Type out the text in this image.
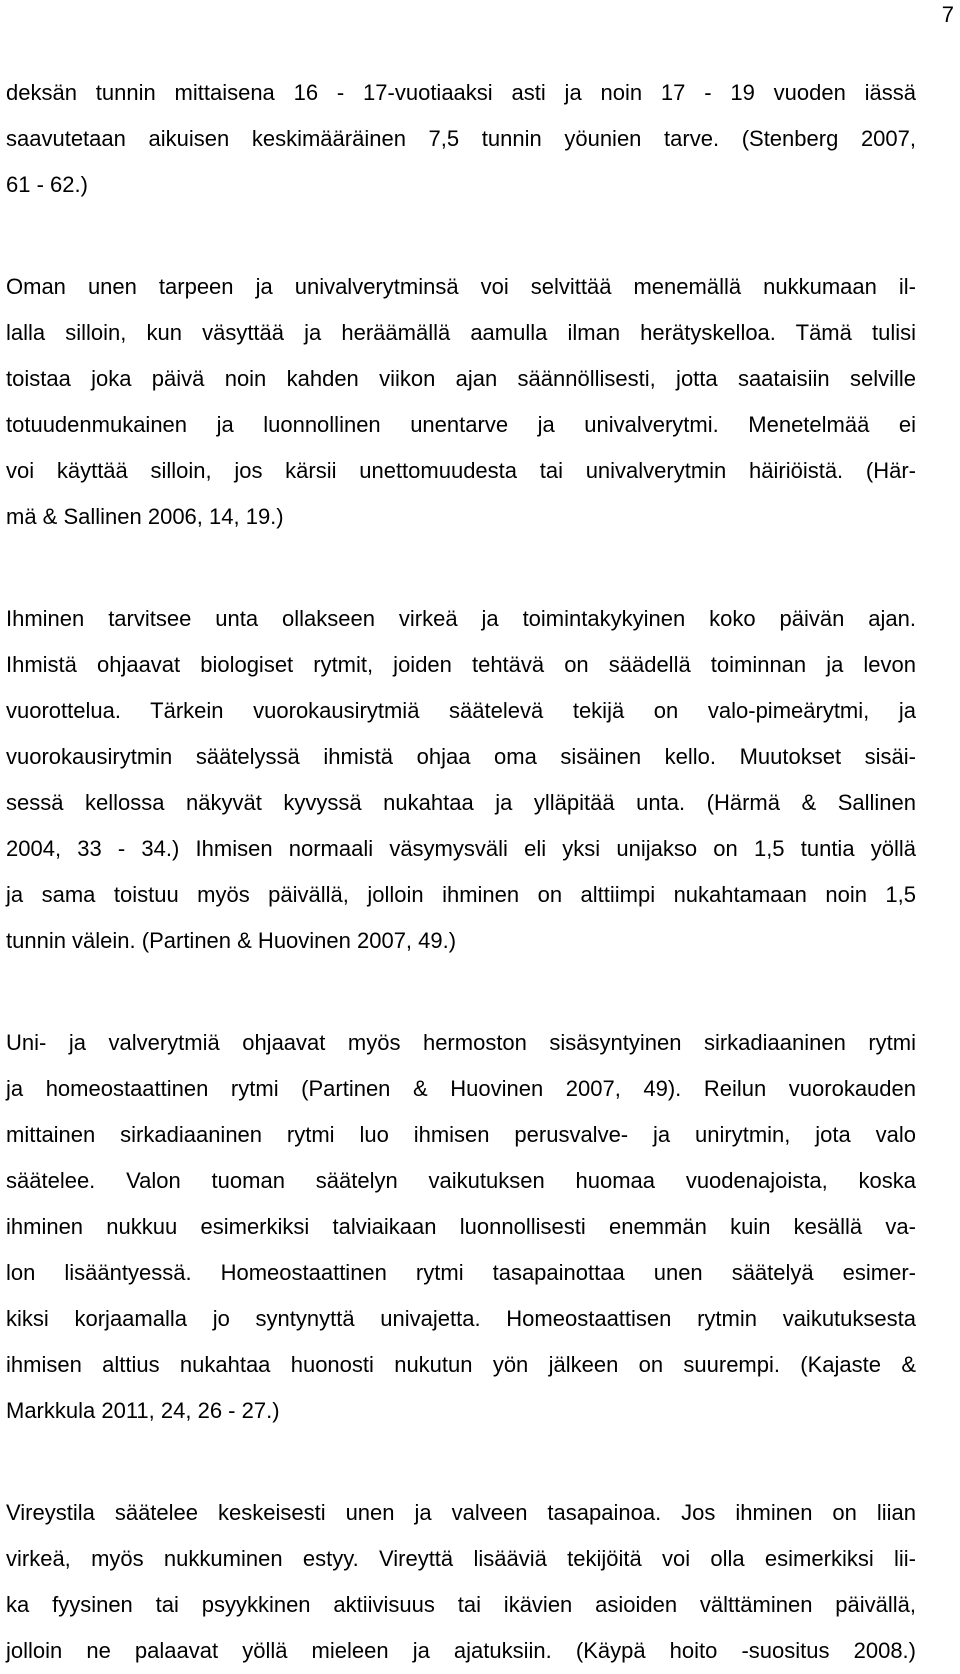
7

deksän tunnin mittaisena 16 - 17-vuotiaaksi asti ja noin 17 - 19 vuoden iässä
saavutetaan aikuisen keskimääräinen 7,5 tunnin yöunien tarve. (Stenberg 2007,
61 - 62.)

Oman unen tarpeen ja univalverytminsä voi selvittää menemällä nukkumaan il-
lalla silloin, kun väsyttää ja heräämällä aamulla ilman herätyskelloa. Tämä tulisi
toistaa joka päivä noin kahden viikon ajan säännöllisesti, jotta saataisiin selville
totuudenmukainen ja luonnollinen unentarve ja univalverytmi. Menetelmää ei
voi käyttää silloin, jos kärsii unettomuudesta tai univalverytmin häiriöistä. (Här-
mä & Sallinen 2006, 14, 19.)

Ihminen tarvitsee unta ollakseen virkeä ja toimintakykyinen koko päivän ajan.
Ihmistä ohjaavat biologiset rytmit, joiden tehtävä on säädellä toiminnan ja levon
vuorottelua. Tärkein vuorokausirytmiä säätelevä tekijä on valo-pimeärytmi, ja
vuorokausirytmin säätelyssä ihmistä ohjaa oma sisäinen kello. Muutokset sisäi-
sessä kellossa näkyvät kyvyssä nukahtaa ja ylläpitää unta. (Härmä & Sallinen
2004, 33 - 34.) Ihmisen normaali väsymysväli eli yksi unijakso on 1,5 tuntia yöllä
ja sama toistuu myös päivällä, jolloin ihminen on alttiimpi nukahtamaan noin 1,5
tunnin välein. (Partinen & Huovinen 2007, 49.)

Uni- ja valverytmiä ohjaavat myös hermoston sisäsyntyinen sirkadiaaninen rytmi
ja homeostaattinen rytmi (Partinen & Huovinen 2007, 49). Reilun vuorokauden
mittainen sirkadiaaninen rytmi luo ihmisen perusvalve- ja unirytmin, jota valo
säätelee. Valon tuoman säätelyn vaikutuksen huomaa vuodenajoista, koska
ihminen nukkuu esimerkiksi talviaikaan luonnollisesti enemmän kuin kesällä va-
lon lisääntyessä. Homeostaattinen rytmi tasapainottaa unen säätelyä esimer-
kiksi korjaamalla jo syntynyttä univajetta. Homeostaattisen rytmin vaikutuksesta
ihmisen alttius nukahtaa huonosti nukutun yön jälkeen on suurempi. (Kajaste &
Markkula 2011, 24, 26 - 27.)

Vireystila säätelee keskeisesti unen ja valveen tasapainoa. Jos ihminen on liian
virkeä, myös nukkuminen estyy. Vireyttä lisääviä tekijöitä voi olla esimerkiksi lii-
ka fyysinen tai psyykkinen aktiivisuus tai ikävien asioiden välttäminen päivällä,
jolloin ne palaavat yöllä mieleen ja ajatuksiin. (Käypä hoito -suositus 2008.)
